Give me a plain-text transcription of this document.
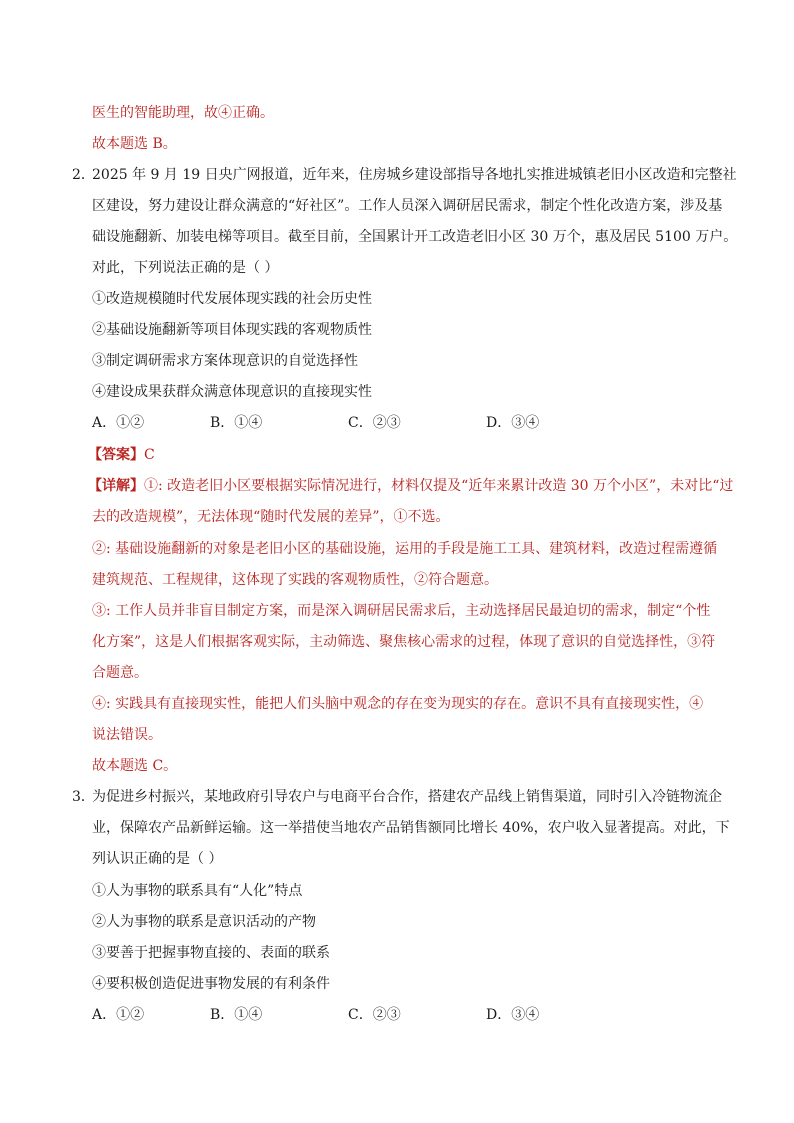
医生的智能助理，故④正确。
故本题选 B。
2．
2025 年 9 月 19 日央广网报道，近年来，住房城乡建设部指导各地扎实推进城镇老旧小区改造和完整社
区建设，努力建设让群众满意的“好社区”。工作人员深入调研居民需求，制定个性化改造方案，涉及基
础设施翻新、加装电梯等项目。截至目前，全国累计开工改造老旧小区 30 万个，惠及居民 5100 万户。
对此，下列说法正确的是（ ）
①改造规模随时代发展体现实践的社会历史性
②基础设施翻新等项目体现实践的客观物质性
③制定调研需求方案体现意识的自觉选择性
④建设成果获群众满意体现意识的直接现实性
A．①②	B．①④	C．②③	D．③④
【答案】C
【详解】①: 改造老旧小区要根据实际情况进行，材料仅提及“近年来累计改造 30 万个小区”，未对比“过
去的改造规模”，无法体现“随时代发展的差异”，①不选。
②: 基础设施翻新的对象是老旧小区的基础设施，运用的手段是施工工具、建筑材料，改造过程需遵循
建筑规范、工程规律，这体现了实践的客观物质性，②符合题意。
③: 工作人员并非盲目制定方案，而是深入调研居民需求后，主动选择居民最迫切的需求，制定“个性
化方案”，这是人们根据客观实际，主动筛选、聚焦核心需求的过程，体现了意识的自觉选择性，③符
合题意。
④: 实践具有直接现实性，能把人们头脑中观念的存在变为现实的存在。意识不具有直接现实性，④
说法错误。
故本题选 C。
3．
为促进乡村振兴，某地政府引导农户与电商平台合作，搭建农产品线上销售渠道，同时引入冷链物流企
业，保障农产品新鲜运输。这一举措使当地农产品销售额同比增长 40%，农户收入显著提高。对此，下
列认识正确的是（ ）
①人为事物的联系具有“人化”特点
②人为事物的联系是意识活动的产物
③要善于把握事物直接的、表面的联系
④要积极创造促进事物发展的有利条件
A．①②	B．①④	C．②③	D．③④
